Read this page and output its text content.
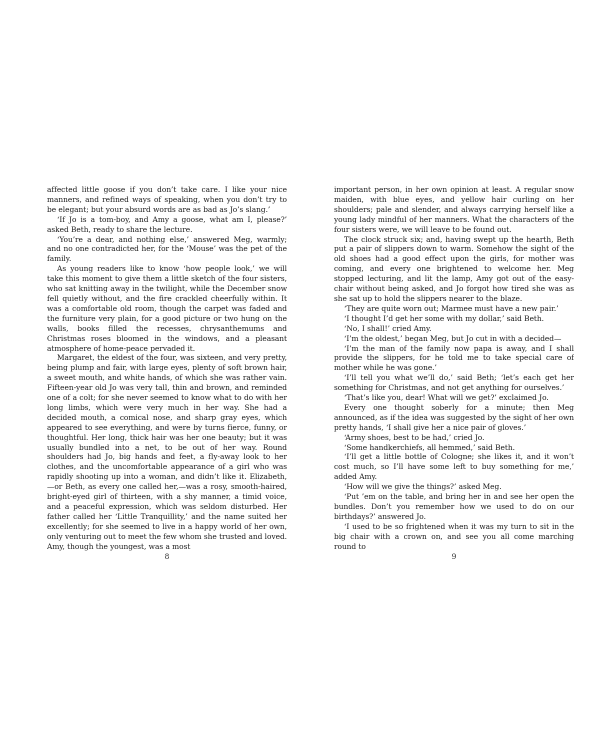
affected little goose if you don’t take care. I like your nice manners, and refined ways of speaking, when you don’t try to be elegant; but your absurd words are as bad as Jo’s slang.’

‘If Jo is a tom-boy, and Amy a goose, what am I, please?’ asked Beth, ready to share the lecture.

‘You’re a dear, and nothing else,’ answered Meg, warmly; and no one contradicted her, for the ‘Mouse’ was the pet of the family.

As young readers like to know ‘how people look,’ we will take this moment to give them a little sketch of the four sisters, who sat knitting away in the twilight, while the December snow fell quietly without, and the fire crackled cheerfully within. It was a comfortable old room, though the carpet was faded and the furniture very plain, for a good picture or two hung on the walls, books filled the recesses, chrysanthemums and Christmas roses bloomed in the windows, and a pleasant atmosphere of home-peace pervaded it.

Margaret, the eldest of the four, was sixteen, and very pretty, being plump and fair, with large eyes, plenty of soft brown hair, a sweet mouth, and white hands, of which she was rather vain. Fifteen-year old Jo was very tall, thin and brown, and reminded one of a colt; for she never seemed to know what to do with her long limbs, which were very much in her way. She had a decided mouth, a comical nose, and sharp gray eyes, which appeared to see everything, and were by turns fierce, funny, or thoughtful. Her long, thick hair was her one beauty; but it was usually bundled into a net, to be out of her way. Round shoulders had Jo, big hands and feet, a fly-away look to her clothes, and the uncomfortable appearance of a girl who was rapidly shooting up into a woman, and didn’t like it. Elizabeth,—or Beth, as every one called her,—was a rosy, smooth-haired, bright-eyed girl of thirteen, with a shy manner, a timid voice, and a peaceful expression, which was seldom disturbed. Her father called her ‘Little Tranquillity,’ and the name suited her excellently; for she seemed to live in a happy world of her own, only venturing out to meet the few whom she trusted and loved. Amy, though the youngest, was a most

8

important person, in her own opinion at least. A regular snow maiden, with blue eyes, and yellow hair curling on her shoulders; pale and slender, and always carrying herself like a young lady mindful of her manners. What the characters of the four sisters were, we will leave to be found out.

The clock struck six; and, having swept up the hearth, Beth put a pair of slippers down to warm. Somehow the sight of the old shoes had a good effect upon the girls, for mother was coming, and every one brightened to welcome her. Meg stopped lecturing, and lit the lamp, Amy got out of the easy-chair without being asked, and Jo forgot how tired she was as she sat up to hold the slippers nearer to the blaze.

‘They are quite worn out; Marmee must have a new pair.’

‘I thought I’d get her some with my dollar,’ said Beth.

‘No, I shall!’ cried Amy.

‘I’m the oldest,’ began Meg, but Jo cut in with a decided—

‘I’m the man of the family now papa is away, and I shall provide the slippers, for he told me to take special care of mother while he was gone.’

‘I’ll tell you what we’ll do,’ said Beth; ‘let’s each get her something for Christmas, and not get anything for ourselves.’

‘That’s like you, dear! What will we get?’ exclaimed Jo.

Every one thought soberly for a minute; then Meg announced, as if the idea was suggested by the sight of her own pretty hands, ‘I shall give her a nice pair of gloves.’

‘Army shoes, best to be had,’ cried Jo.

‘Some handkerchiefs, all hemmed,’ said Beth.

‘I’ll get a little bottle of Cologne; she likes it, and it won’t cost much, so I’ll have some left to buy something for me,’ added Amy.

‘How will we give the things?’ asked Meg.

‘Put ’em on the table, and bring her in and see her open the bundles. Don’t you remember how we used to do on our birthdays?’ answered Jo.

‘I used to be so frightened when it was my turn to sit in the big chair with a crown on, and see you all come marching round to

9
